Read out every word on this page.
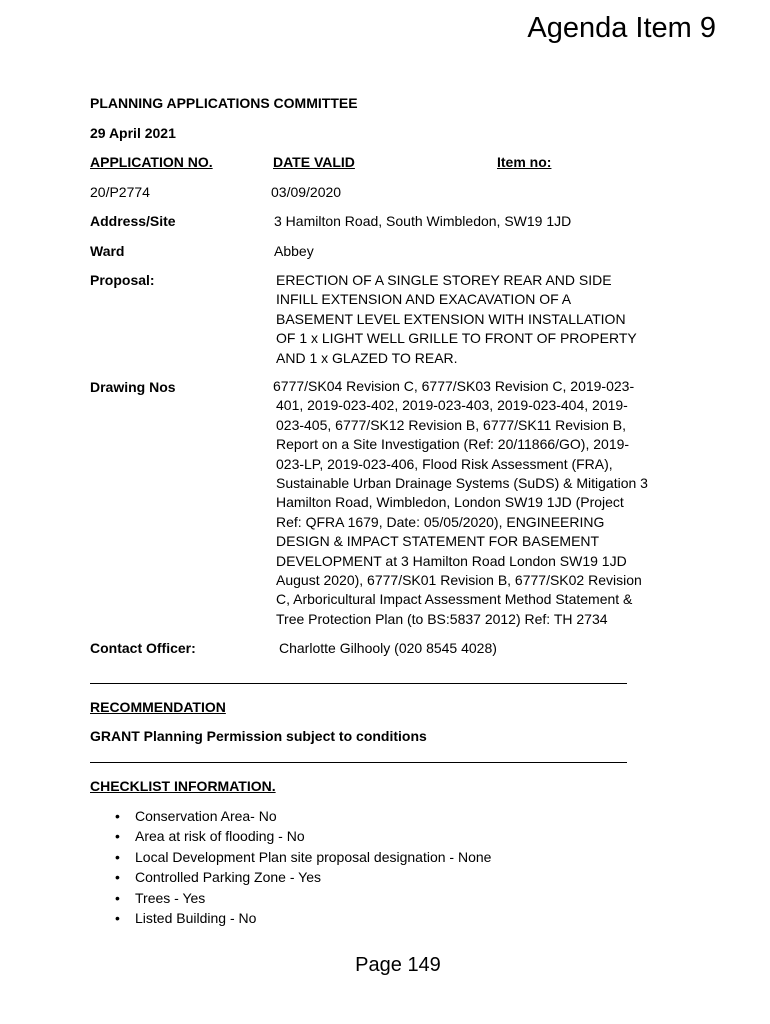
Agenda Item 9
PLANNING APPLICATIONS COMMITTEE
29 April 2021
APPLICATION NO.	DATE VALID	Item no:
20/P2774	03/09/2020
Address/Site	3 Hamilton Road, South Wimbledon, SW19 1JD
Ward	Abbey
Proposal:	ERECTION OF A SINGLE STOREY REAR AND SIDE
INFILL EXTENSION AND EXACAVATION OF A
BASEMENT LEVEL EXTENSION WITH INSTALLATION
OF 1 x LIGHT WELL GRILLE TO FRONT OF PROPERTY
AND 1 x GLAZED TO REAR.
Drawing Nos	6777/SK04 Revision C, 6777/SK03 Revision C, 2019-023-
401, 2019-023-402, 2019-023-403, 2019-023-404, 2019-
023-405, 6777/SK12 Revision B, 6777/SK11 Revision B,
Report on a Site Investigation (Ref: 20/11866/GO), 2019-
023-LP, 2019-023-406, Flood Risk Assessment (FRA),
Sustainable Urban Drainage Systems (SuDS) & Mitigation 3
Hamilton Road, Wimbledon, London SW19 1JD (Project
Ref: QFRA 1679, Date: 05/05/2020), ENGINEERING
DESIGN & IMPACT STATEMENT FOR BASEMENT
DEVELOPMENT at 3 Hamilton Road London SW19 1JD
August 2020), 6777/SK01 Revision B, 6777/SK02 Revision
C, Arboricultural Impact Assessment Method Statement &
Tree Protection Plan (to BS:5837 2012) Ref: TH 2734
Contact Officer:	Charlotte Gilhooly (020 8545 4028)
RECOMMENDATION
GRANT Planning Permission subject to conditions
CHECKLIST INFORMATION.
• Conservation Area- No
• Area at risk of flooding - No
• Local Development Plan site proposal designation - None
• Controlled Parking Zone - Yes
• Trees - Yes
• Listed Building - No
Page 149
